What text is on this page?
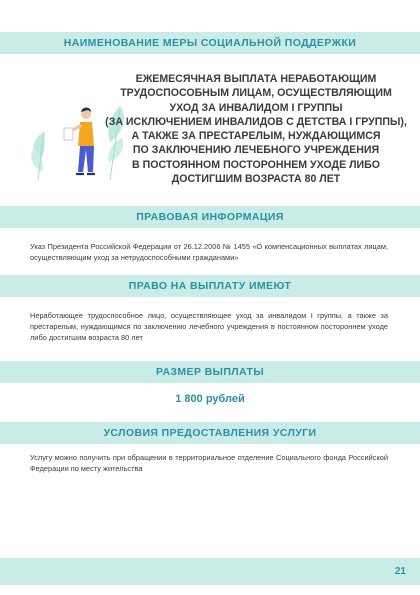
НАИМЕНОВАНИЕ МЕРЫ СОЦИАЛЬНОЙ ПОДДЕРЖКИ
ЕЖЕМЕСЯЧНАЯ ВЫПЛАТА НЕРАБОТАЮЩИМ
ТРУДОСПОСОБНЫМ ЛИЦАМ, ОСУЩЕСТВЛЯЮЩИМ
УХОД ЗА ИНВАЛИДОМ I ГРУППЫ
(ЗА ИСКЛЮЧЕНИЕМ ИНВАЛИДОВ С ДЕТСТВА I ГРУППЫ),
А ТАКЖЕ ЗА ПРЕСТАРЕЛЫМ, НУЖДАЮЩИМСЯ
ПО ЗАКЛЮЧЕНИЮ ЛЕЧЕБНОГО УЧРЕЖДЕНИЯ
В ПОСТОЯННОМ ПОСТОРОННЕМ УХОДЕ ЛИБО
ДОСТИГШИМ ВОЗРАСТА 80 ЛЕТ
ПРАВОВАЯ ИНФОРМАЦИЯ
Указ Президента Российской Федерации от 26.12.2006 № 1455 «О компенсационных выплатах лицам, осуществляющим уход за нетрудоспособными гражданами»
ПРАВО НА ВЫПЛАТУ ИМЕЮТ
Неработающее трудоспособное лицо, осуществляющее уход за инвалидом I группы, а также за престарелым, нуждающимся по заключению лечебного учреждения в постоянном постороннем уходе либо достигшим возраста 80 лет
РАЗМЕР ВЫПЛАТЫ
1 800 рублей
УСЛОВИЯ ПРЕДОСТАВЛЕНИЯ УСЛУГИ
Услугу можно получить при обращении в территориальное отделение Социального фонда Российской Федерации по месту жительства
21
